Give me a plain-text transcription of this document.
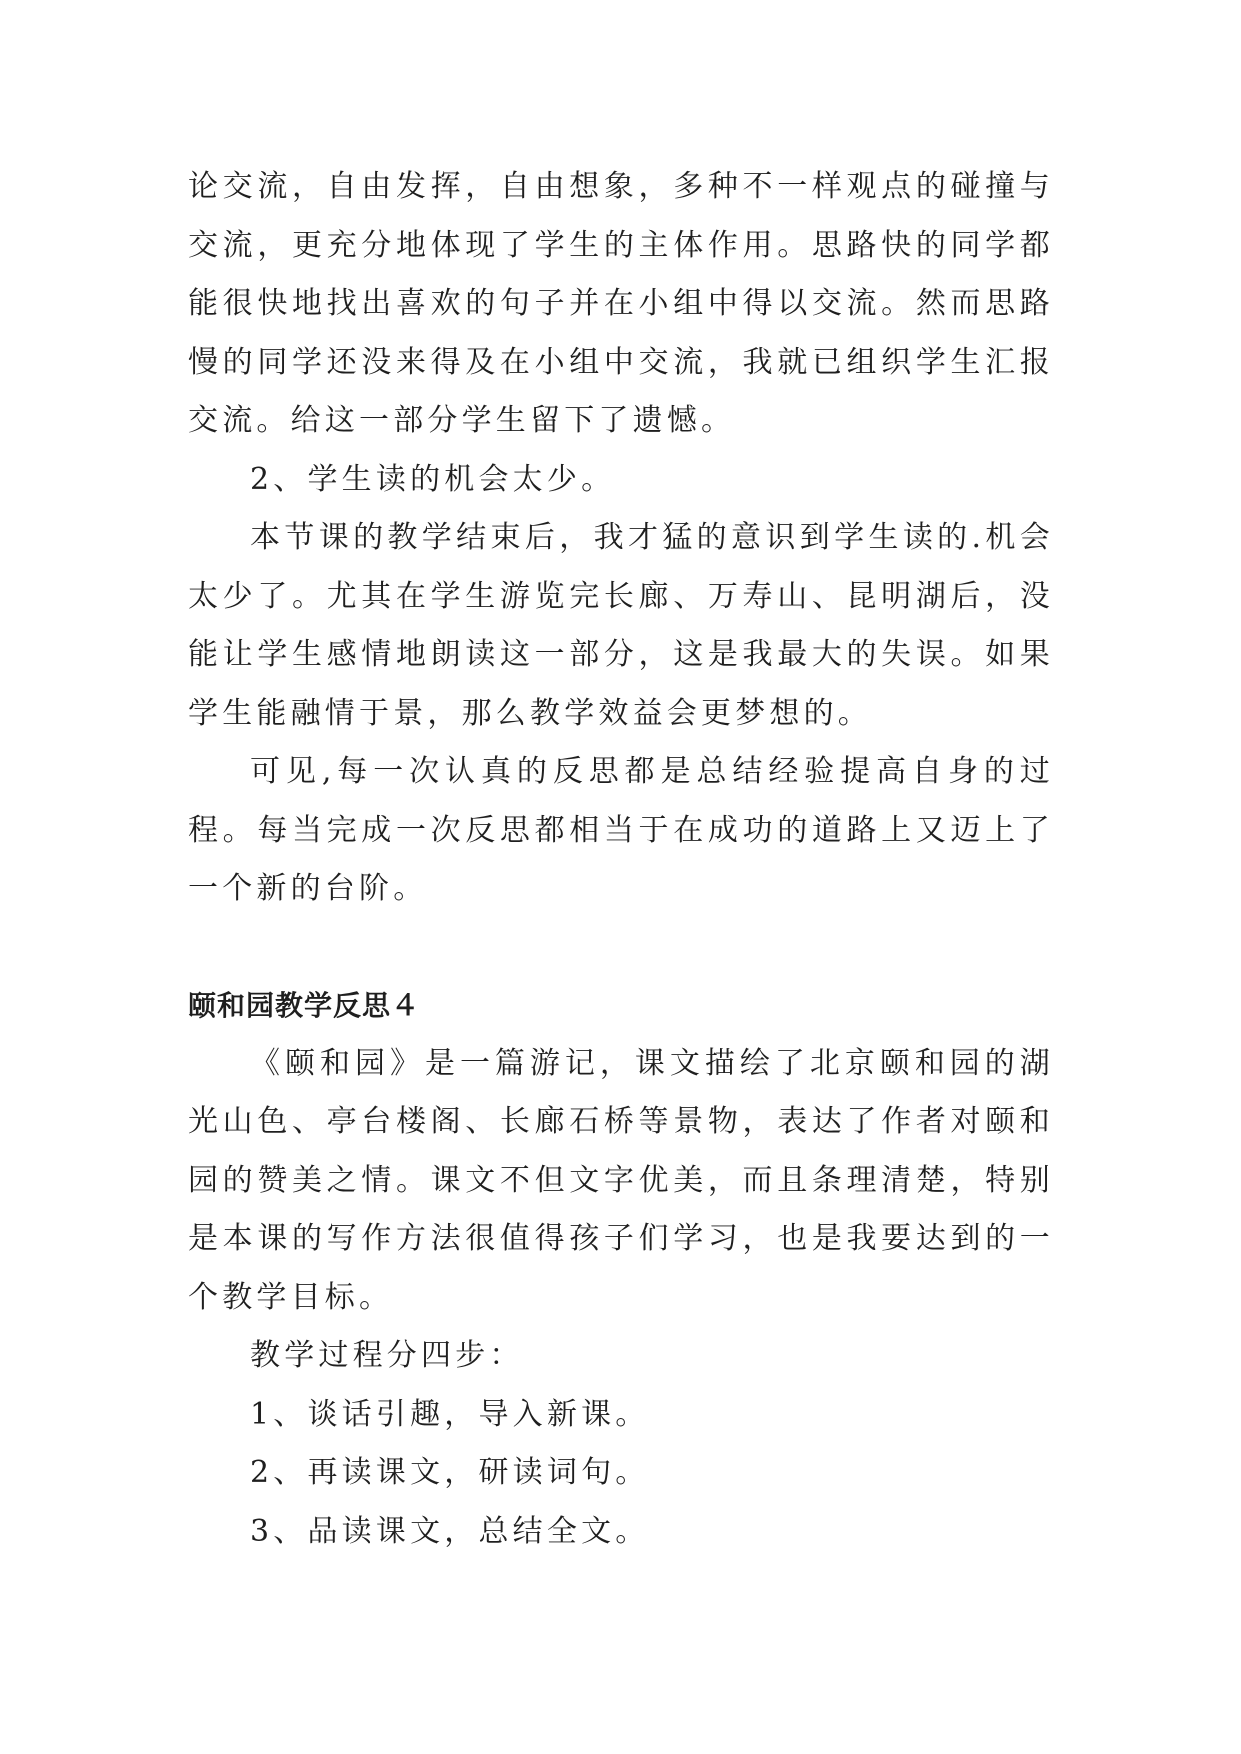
论交流，自由发挥，自由想象，多种不一样观点的碰撞与交流，更充分地体现了学生的主体作用。思路快的同学都能很快地找出喜欢的句子并在小组中得以交流。然而思路慢的同学还没来得及在小组中交流，我就已组织学生汇报交流。给这一部分学生留下了遗憾。

2、学生读的机会太少。

本节课的教学结束后，我才猛的意识到学生读的.机会太少了。尤其在学生游览完长廊、万寿山、昆明湖后，没能让学生感情地朗读这一部分，这是我最大的失误。如果学生能融情于景，那么教学效益会更梦想的。

可见,每一次认真的反思都是总结经验提高自身的过程。每当完成一次反思都相当于在成功的道路上又迈上了一个新的台阶。

颐和园教学反思４

《颐和园》是一篇游记，课文描绘了北京颐和园的湖光山色、亭台楼阁、长廊石桥等景物，表达了作者对颐和园的赞美之情。课文不但文字优美，而且条理清楚，特别是本课的写作方法很值得孩子们学习，也是我要达到的一个教学目标。

教学过程分四步：

1、谈话引趣，导入新课。

2、再读课文，研读词句。

3、品读课文，总结全文。
